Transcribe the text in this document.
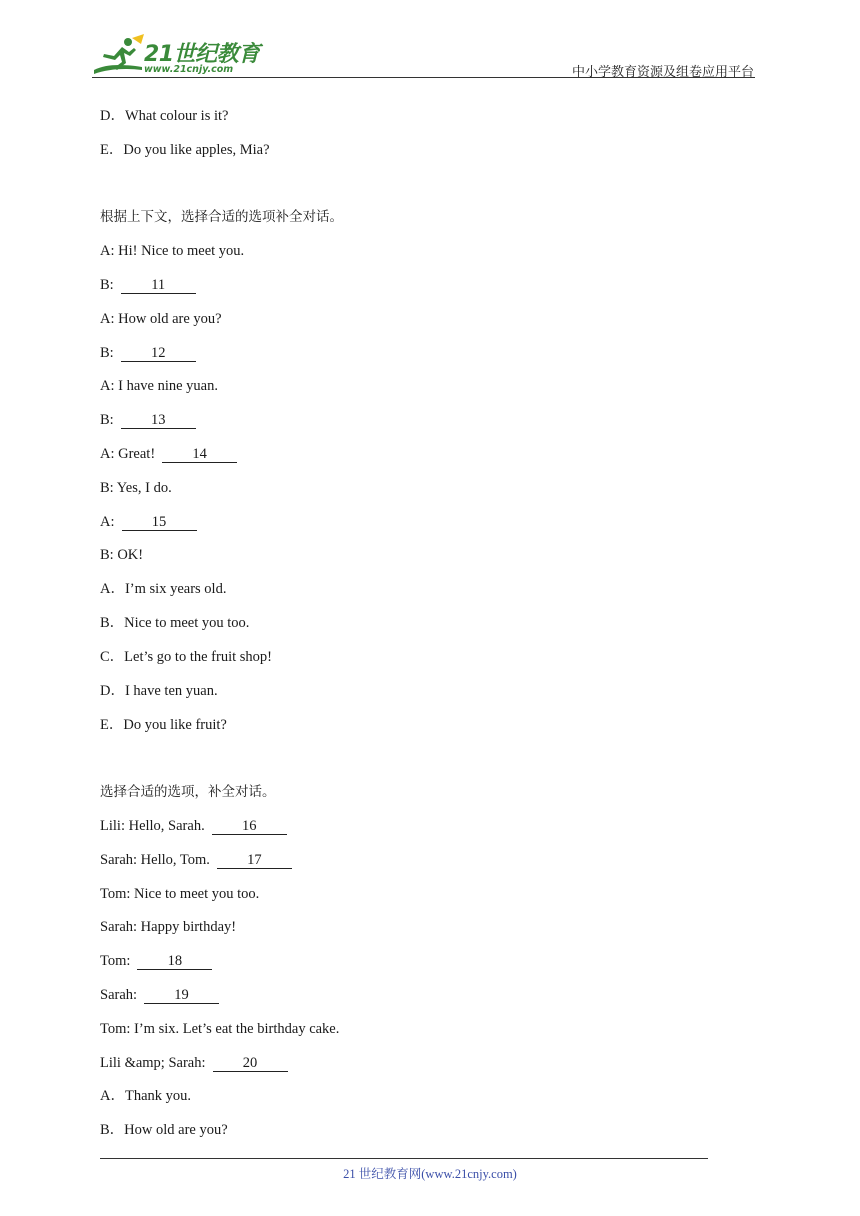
21世纪教育
www.21cnjy.com	中小学教育资源及组卷应用平台
D．What colour is it?
E．Do you like apples, Mia?
根据上下文，选择合适的选项补全对话。
A: Hi! Nice to meet you.
B:	11
A: How old are you?
B:	12
A: I have nine yuan.
B:	13
A: Great!	14
B: Yes, I do.
A:	15
B: OK!
A．I’m six years old.
B．Nice to meet you too.
C．Let’s go to the fruit shop!
D．I have ten yuan.
E．Do you like fruit?
选择合适的选项，补全对话。
Lili: Hello, Sarah.	16
Sarah: Hello, Tom.	17
Tom: Nice to meet you too.
Sarah: Happy birthday!
Tom:	18
Sarah:	19
Tom: I’m six. Let’s eat the birthday cake.
Lili &amp; Sarah:	20
A．Thank you.
B．How old are you?
21 世纪教育网(www.21cnjy.com)
